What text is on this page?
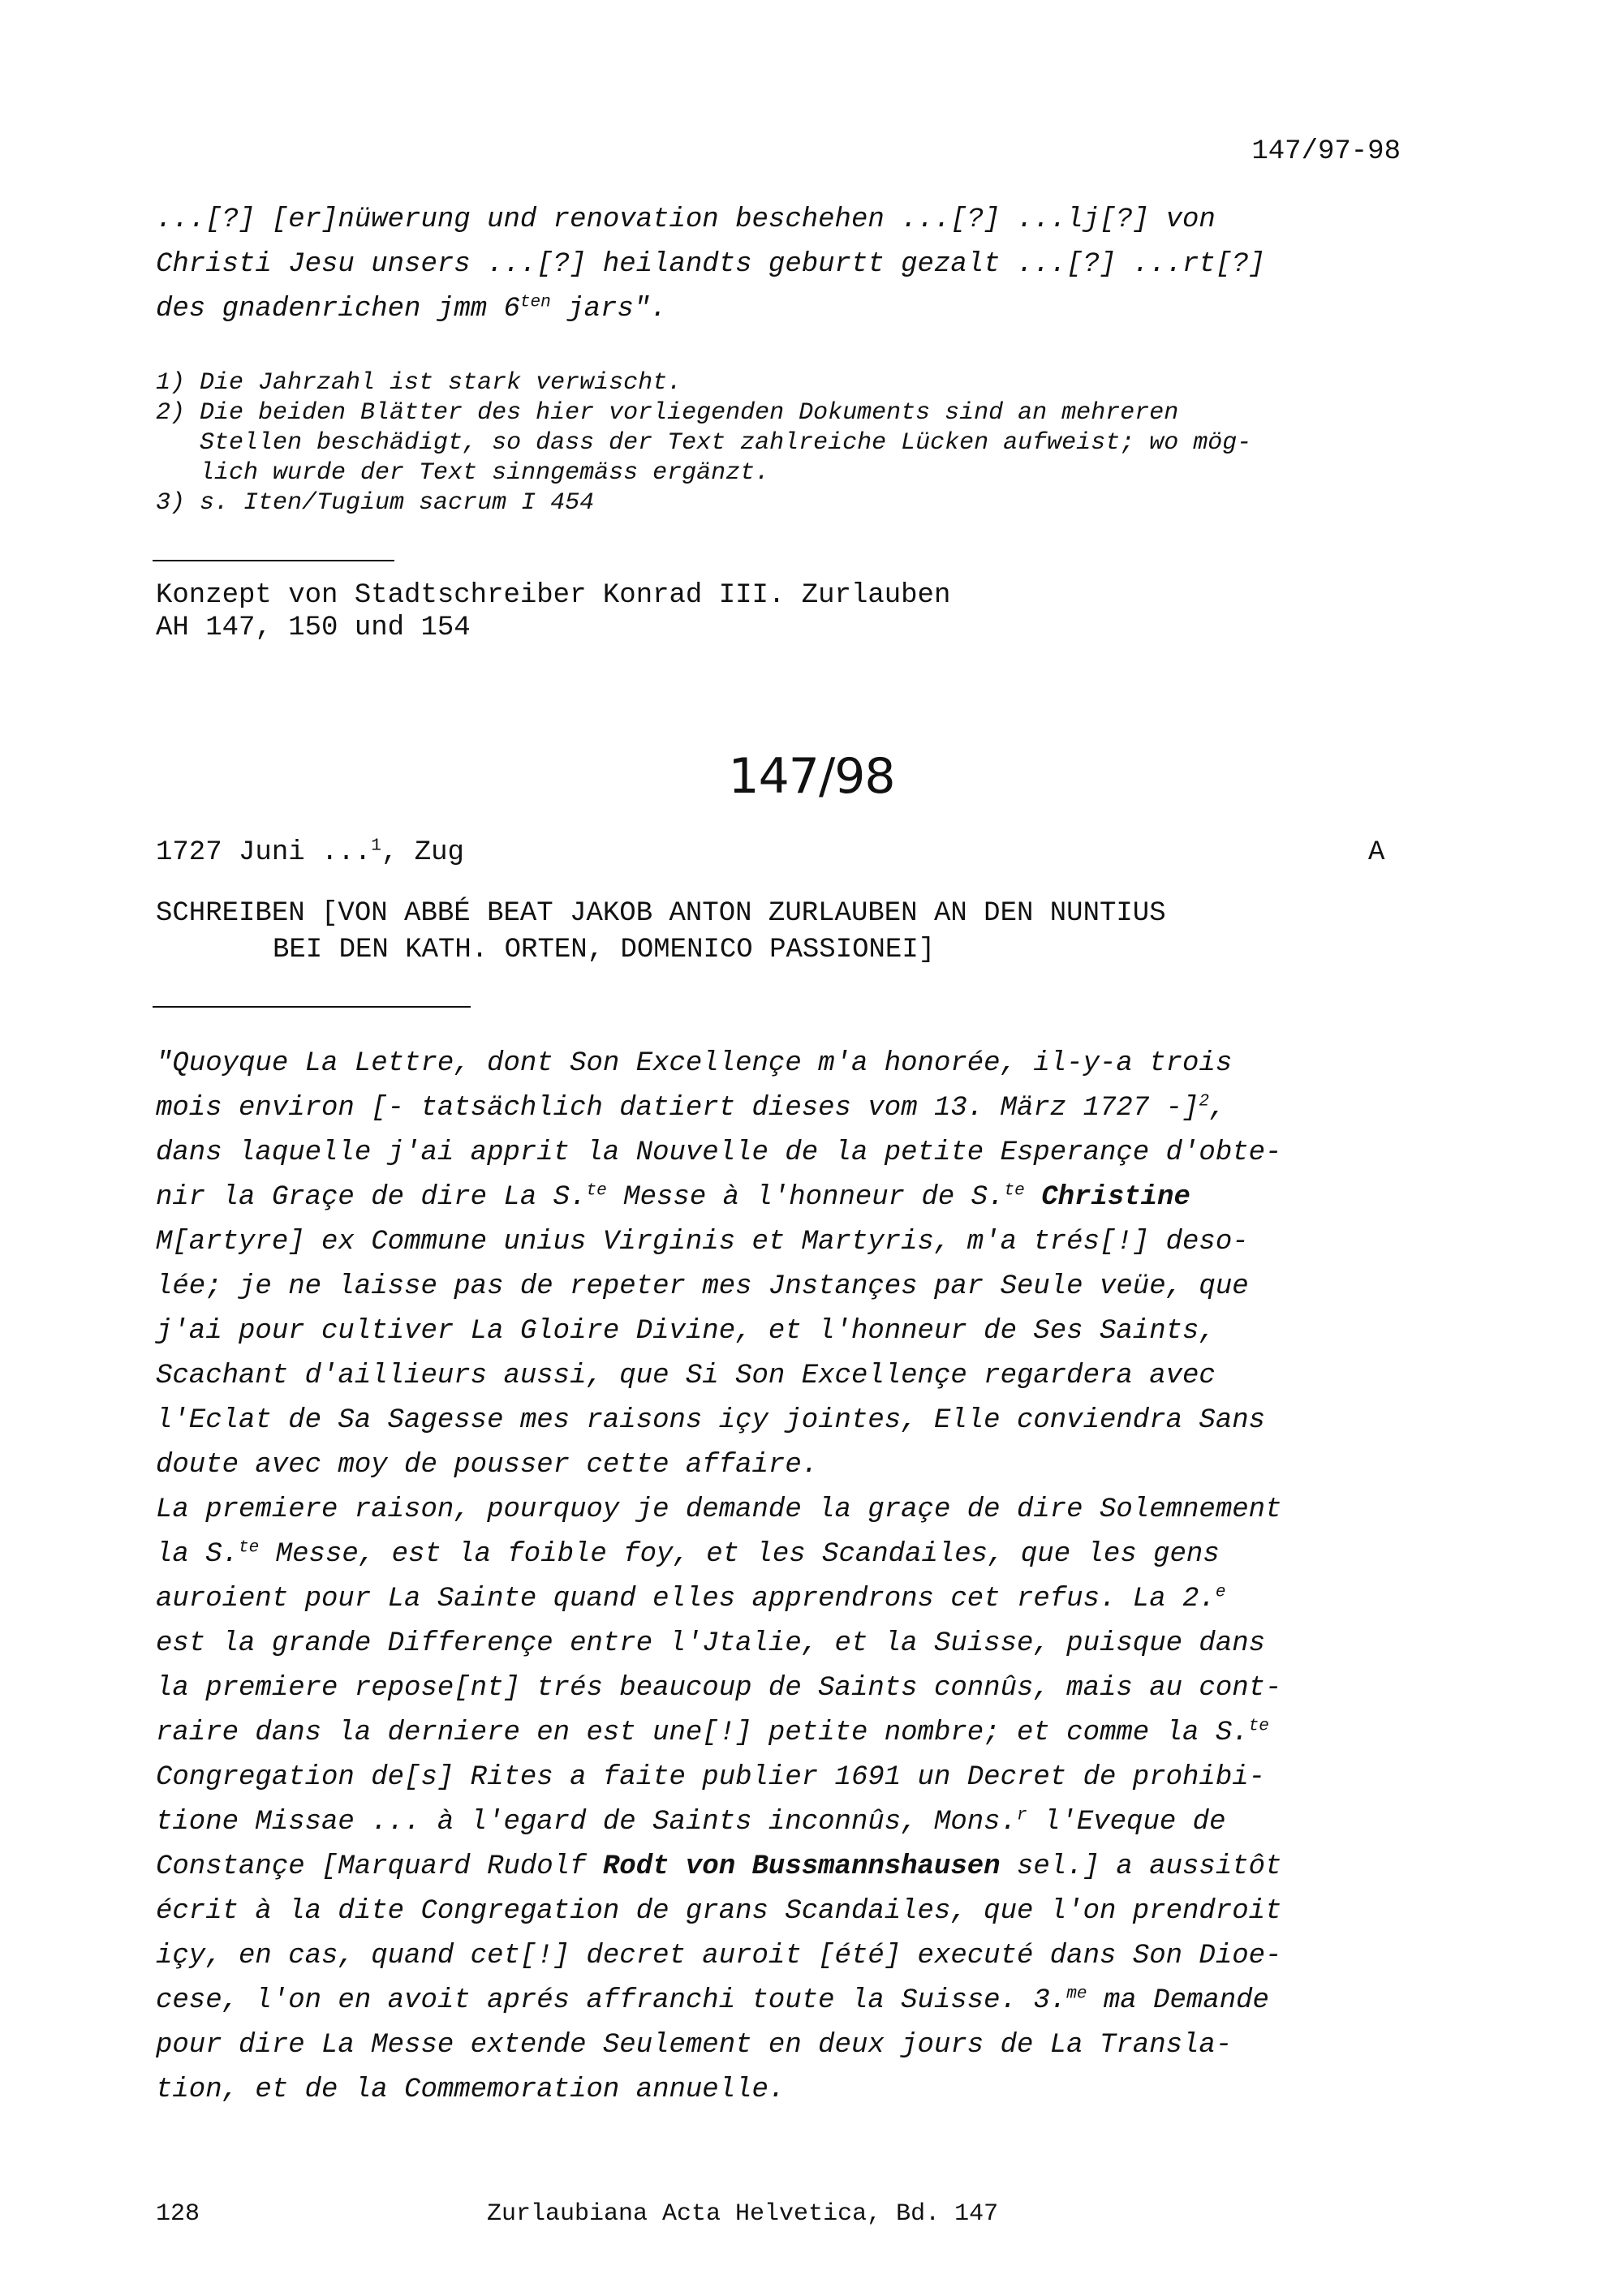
147/97-98
...[?] [er]nüwerung und renovation beschehen ...[?] ...lj[?] von
Christi Jesu unsers ...[?] heilandts geburtt gezalt ...[?] ...rt[?]
des gnadenrichen jmm $6^{ten}$ jars".
1) Die Jahrzahl ist stark verwischt.
2) Die beiden Blätter des hier vorliegenden Dokuments sind an mehreren
Stellen beschädigt, so dass der Text zahlreiche Lücken aufweist; wo mög-
lich wurde der Text sinngemäss ergänzt.
3) s. Iten/Tugium sacrum I 454
Konzept von Stadtschreiber Konrad III. Zurlauben
AH 147, 150 und 154
147/98
1727 Juni ...$^1$, Zug	A
SCHREIBEN [VON ABBÉ BEAT JAKOB ANTON ZURLAUBEN AN DEN NUNTIUS
BEI DEN KATH. ORTEN, DOMENICO PASSIONEI]
"Quoyque La Lettre, dont Son Excellençe m'a honorée, il-y-a trois
mois environ [- tatsächlich datiert dieses vom 13. März 1727 -]$^2$,
dans laquelle j'ai apprit la Nouvelle de la petite Esperançe d'obte-
nir la Graçe de dire La S.$^{te}$ Messe à l'honneur de S.$^{te}$ Christine
M[artyre] ex Commune unius Virginis et Martyris, m'a trés[!] deso-
lée; je ne laisse pas de repeter mes Jnstançes par Seule veüe, que
j'ai pour cultiver La Gloire Divine, et l'honneur de Ses Saints,
Scachant d'aillieurs aussi, que Si Son Excellençe regardera avec
l'Eclat de Sa Sagesse mes raisons içy jointes, Elle conviendra Sans
doute avec moy de pousser cette affaire.
La premiere raison, pourquoy je demande la graçe de dire Solemnement
la S.$^{te}$ Messe, est la foible foy, et les Scandailes, que les gens
auroient pour La Sainte quand elles apprendrons cet refus. La 2.$^e$
est la grande Differençe entre l'Jtalie, et la Suisse, puisque dans
la premiere repose[nt] trés beaucoup de Saints connûs, mais au cont-
raire dans la derniere en est une[!] petite nombre; et comme la S.$^{te}$
Congregation de[s] Rites a faite publier 1691 un Decret de prohibi-
tione Missae ... à l'egard de Saints inconnûs, Mons.$^r$ l'Eveque de
Constançe [Marquard Rudolf Rodt von Bussmannshausen sel.] a aussitôt
écrit à la dite Congregation de grans Scandailes, que l'on prendroit
içy, en cas, quand cet[!] decret auroit [été] executé dans Son Dioe-
cese, l'on en avoit aprés affranchi toute la Suisse. 3.$^{me}$ ma Demande
pour dire La Messe extende Seulement en deux jours de La Transla-
tion, et de la Commemoration annuelle.
128	Zurlaubiana Acta Helvetica, Bd. 147
